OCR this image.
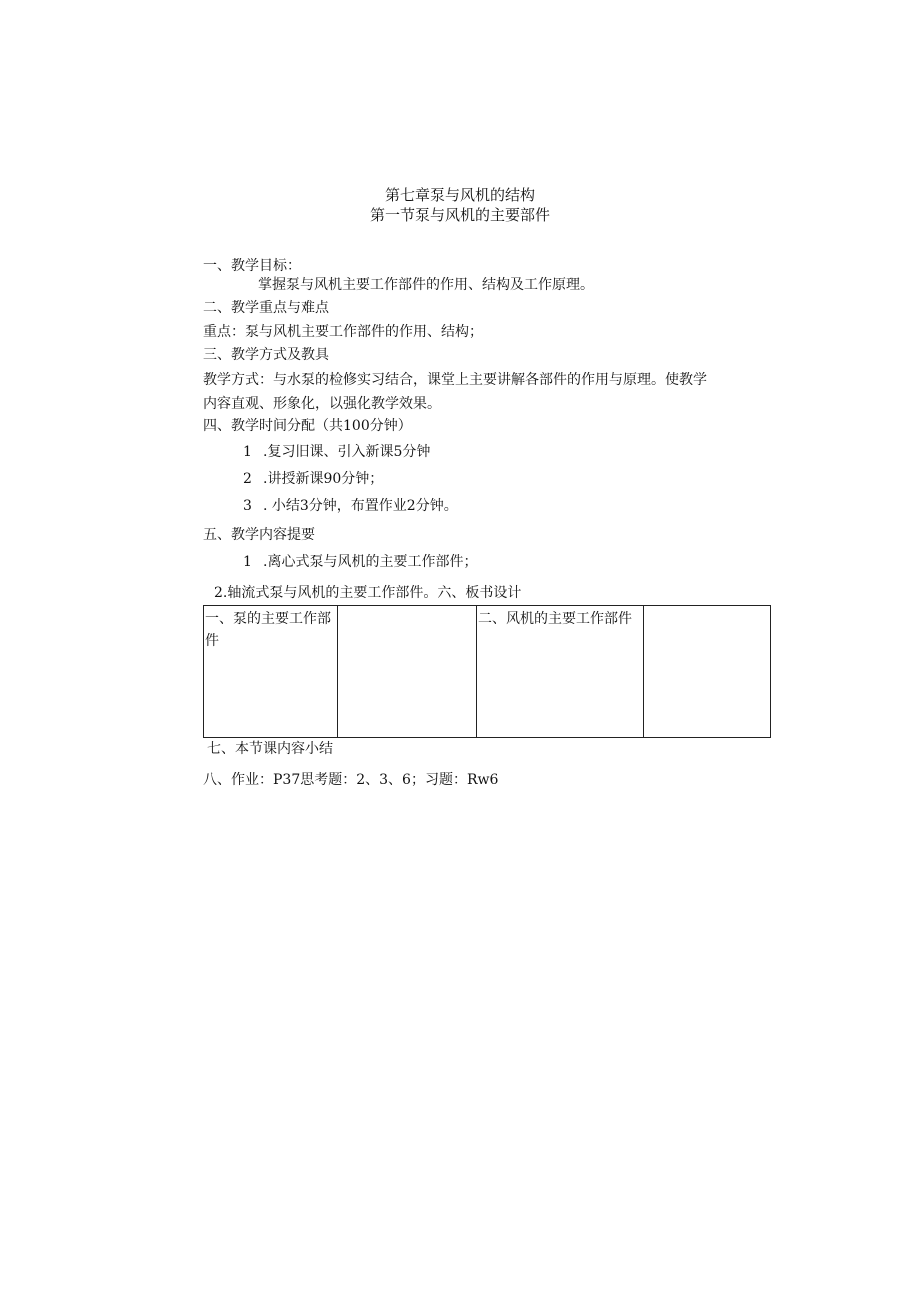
第七章泵与风机的结构
第一节泵与风机的主要部件
一、教学目标：
掌握泵与风机主要工作部件的作用、结构及工作原理。
二、教学重点与难点
重点：泵与风机主要工作部件的作用、结构；
三、教学方式及教具
教学方式：与水泵的检修实习结合，课堂上主要讲解各部件的作用与原理。使教学
内容直观、形象化，以强化教学效果。
四、教学时间分配（共100分钟）
1 .复习旧课、引入新课5分钟
2 .讲授新课90分钟；
3 . 小结3分钟，布置作业2分钟。
五、教学内容提要
1 .离心式泵与风机的主要工作部件；
2.轴流式泵与风机的主要工作部件。六、板书设计
一、泵的主要工作部件		二、风机的主要工作部件	
七、本节课内容小结
八、作业：P37思考题：2、3、6；习题：Rw6
